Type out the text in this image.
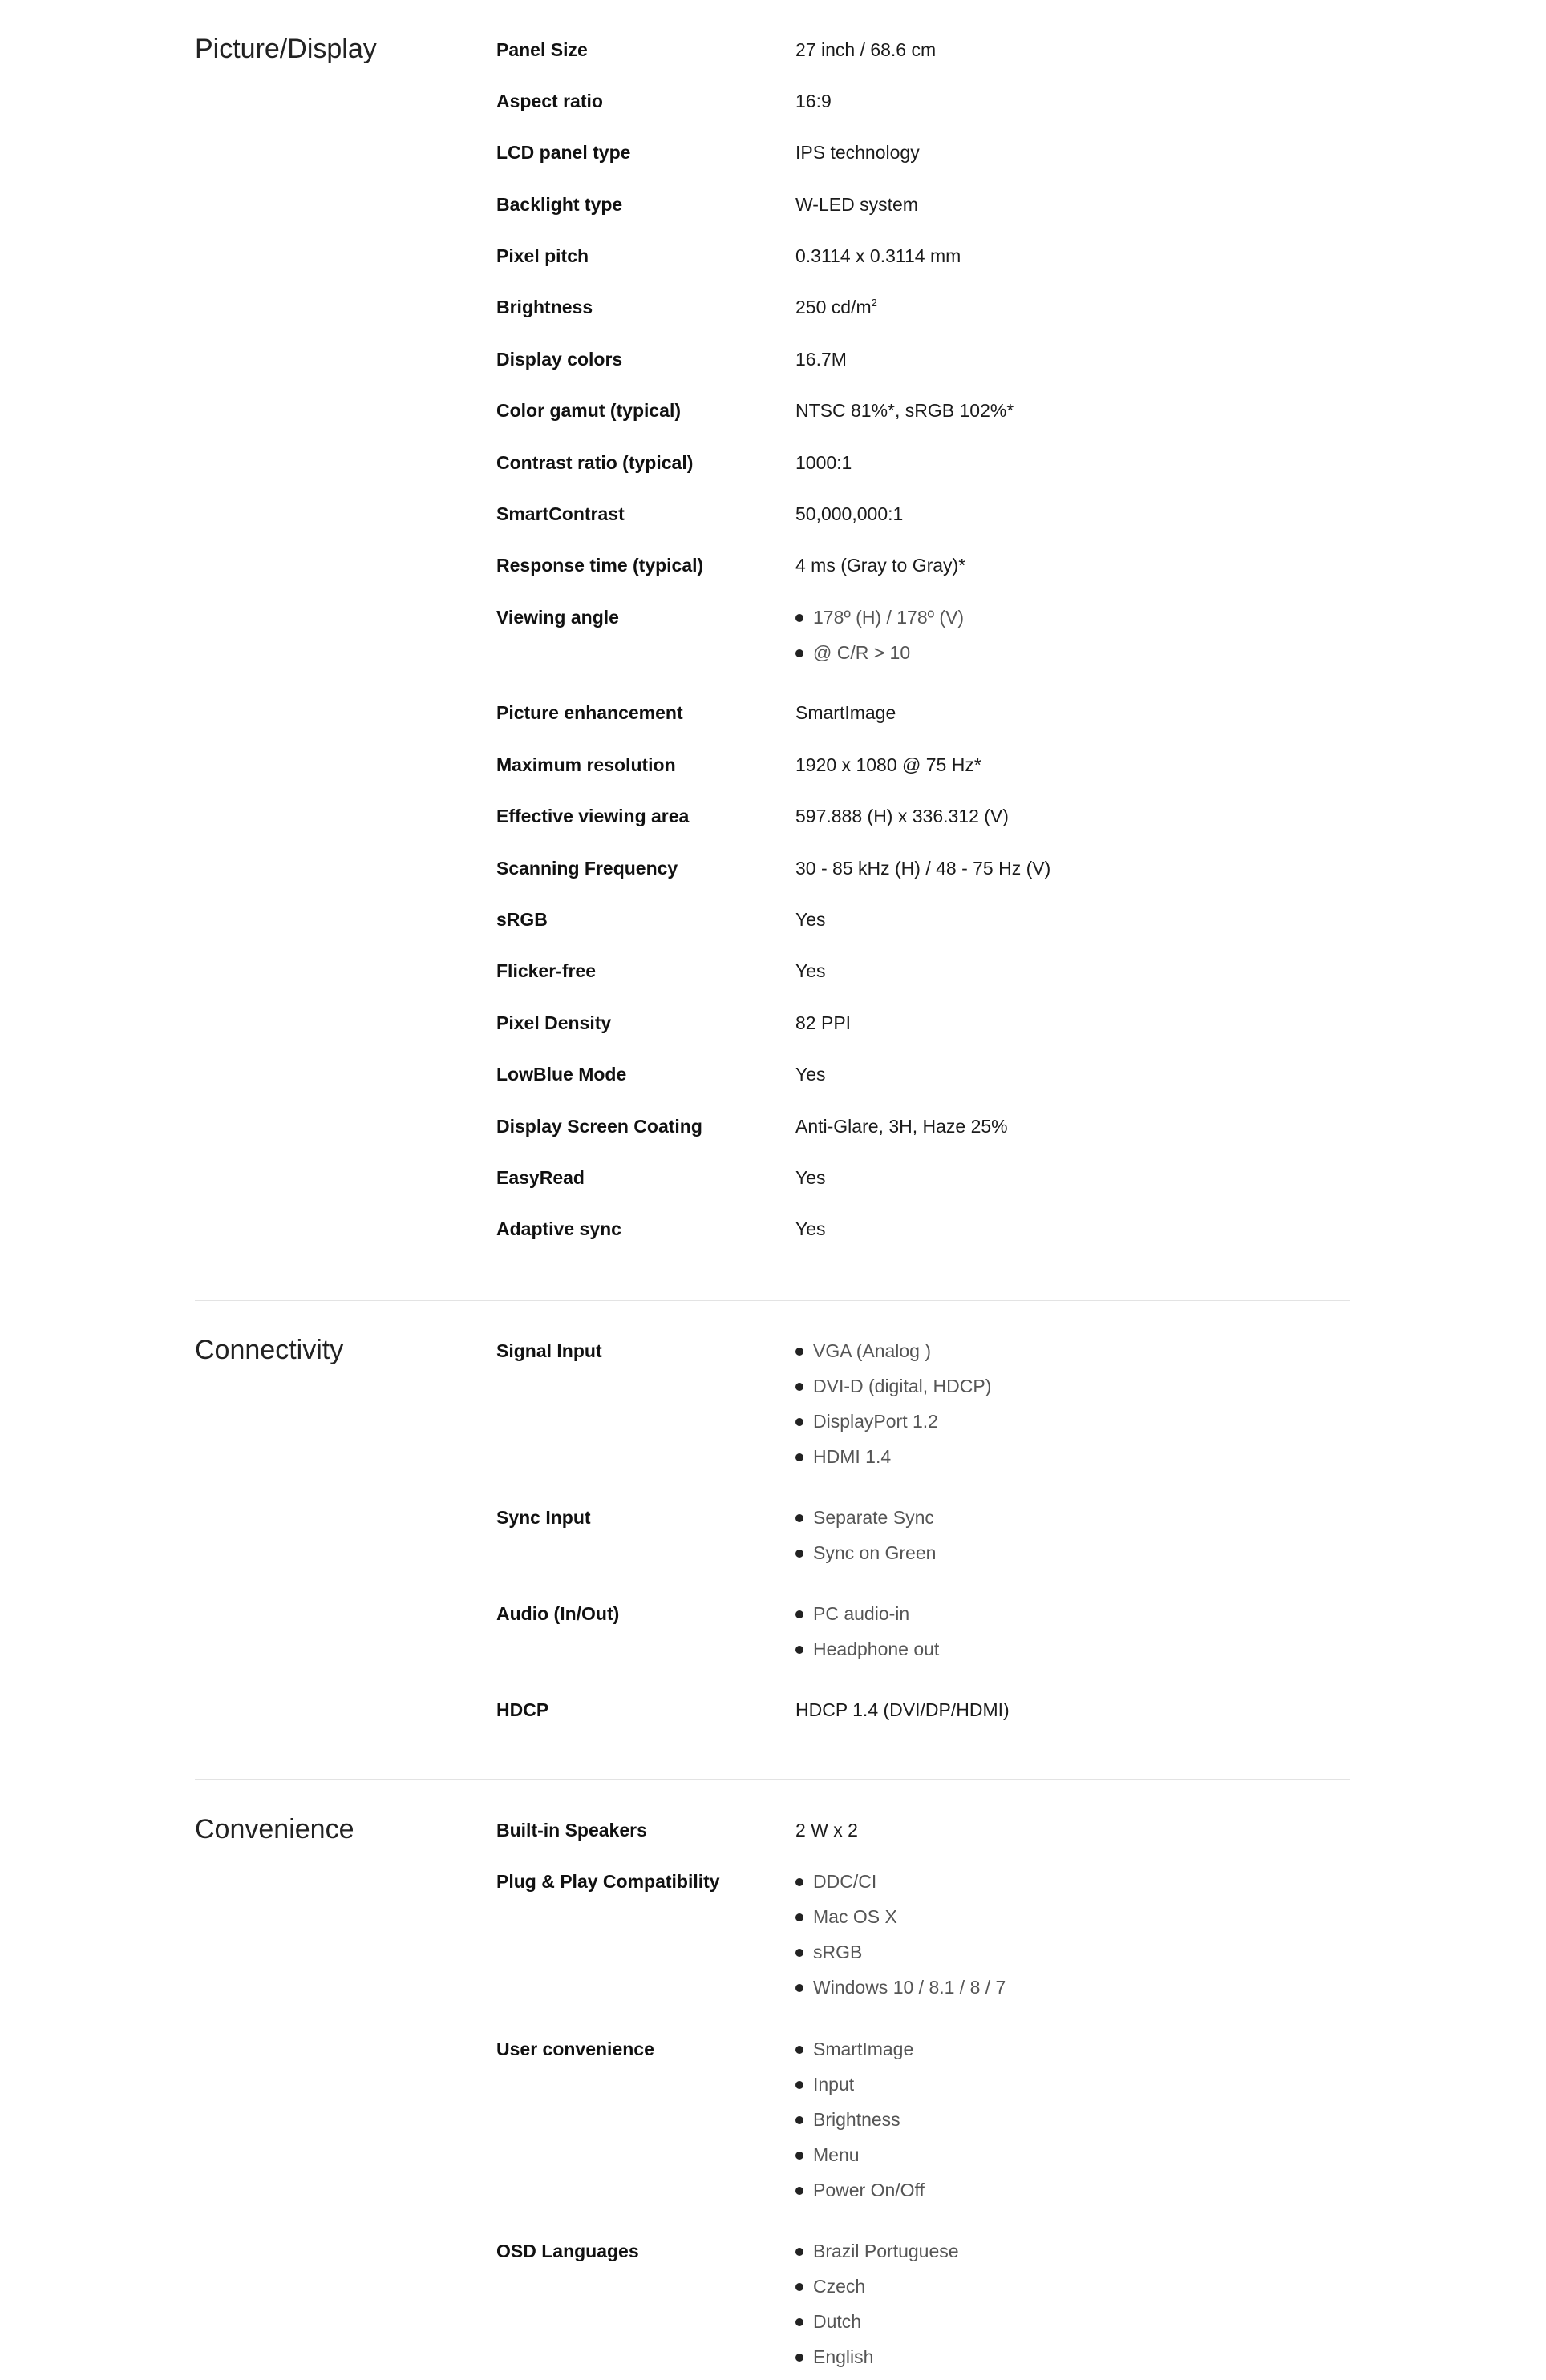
Picture/Display	Panel Size	27 inch / 68.6 cm
Aspect ratio	16:9
LCD panel type	IPS technology
Backlight type	W-LED system
Pixel pitch	0.3114 x 0.3114 mm
Brightness	250 $cd/m^2$
Display colors	16.7M
Color gamut (typical)	NTSC 81%*, sRGB 102%*
Contrast ratio (typical)	1000:1
SmartContrast	50,000,000:1
Response time (typical)	4 ms (Gray to Gray)*
Viewing angle	178º (H) / 178º (V)
@ C/R > 10
Picture enhancement	SmartImage
Maximum resolution	1920 x 1080 @ 75 Hz*
Effective viewing area	597.888 (H) x 336.312 (V)
Scanning Frequency	30 - 85 kHz (H) / 48 - 75 Hz (V)
sRGB	Yes
Flicker-free	Yes
Pixel Density	82 PPI
LowBlue Mode	Yes
Display Screen Coating	Anti-Glare, 3H, Haze 25%
EasyRead	Yes
Adaptive sync	Yes
Connectivity	Signal Input	VGA (Analog )
DVI-D (digital, HDCP)
DisplayPort 1.2
HDMI 1.4
Sync Input	Separate Sync
Sync on Green
Audio (In/Out)	PC audio-in
Headphone out
HDCP	HDCP 1.4 (DVI/DP/HDMI)
Convenience	Built-in Speakers	2 W x 2
Plug & Play Compatibility	DDC/CI
Mac OS X
sRGB
Windows 10 / 8.1 / 8 / 7
User convenience	SmartImage
Input
Brightness
Menu
Power On/Off
OSD Languages	Brazil Portuguese
Czech
Dutch
English
